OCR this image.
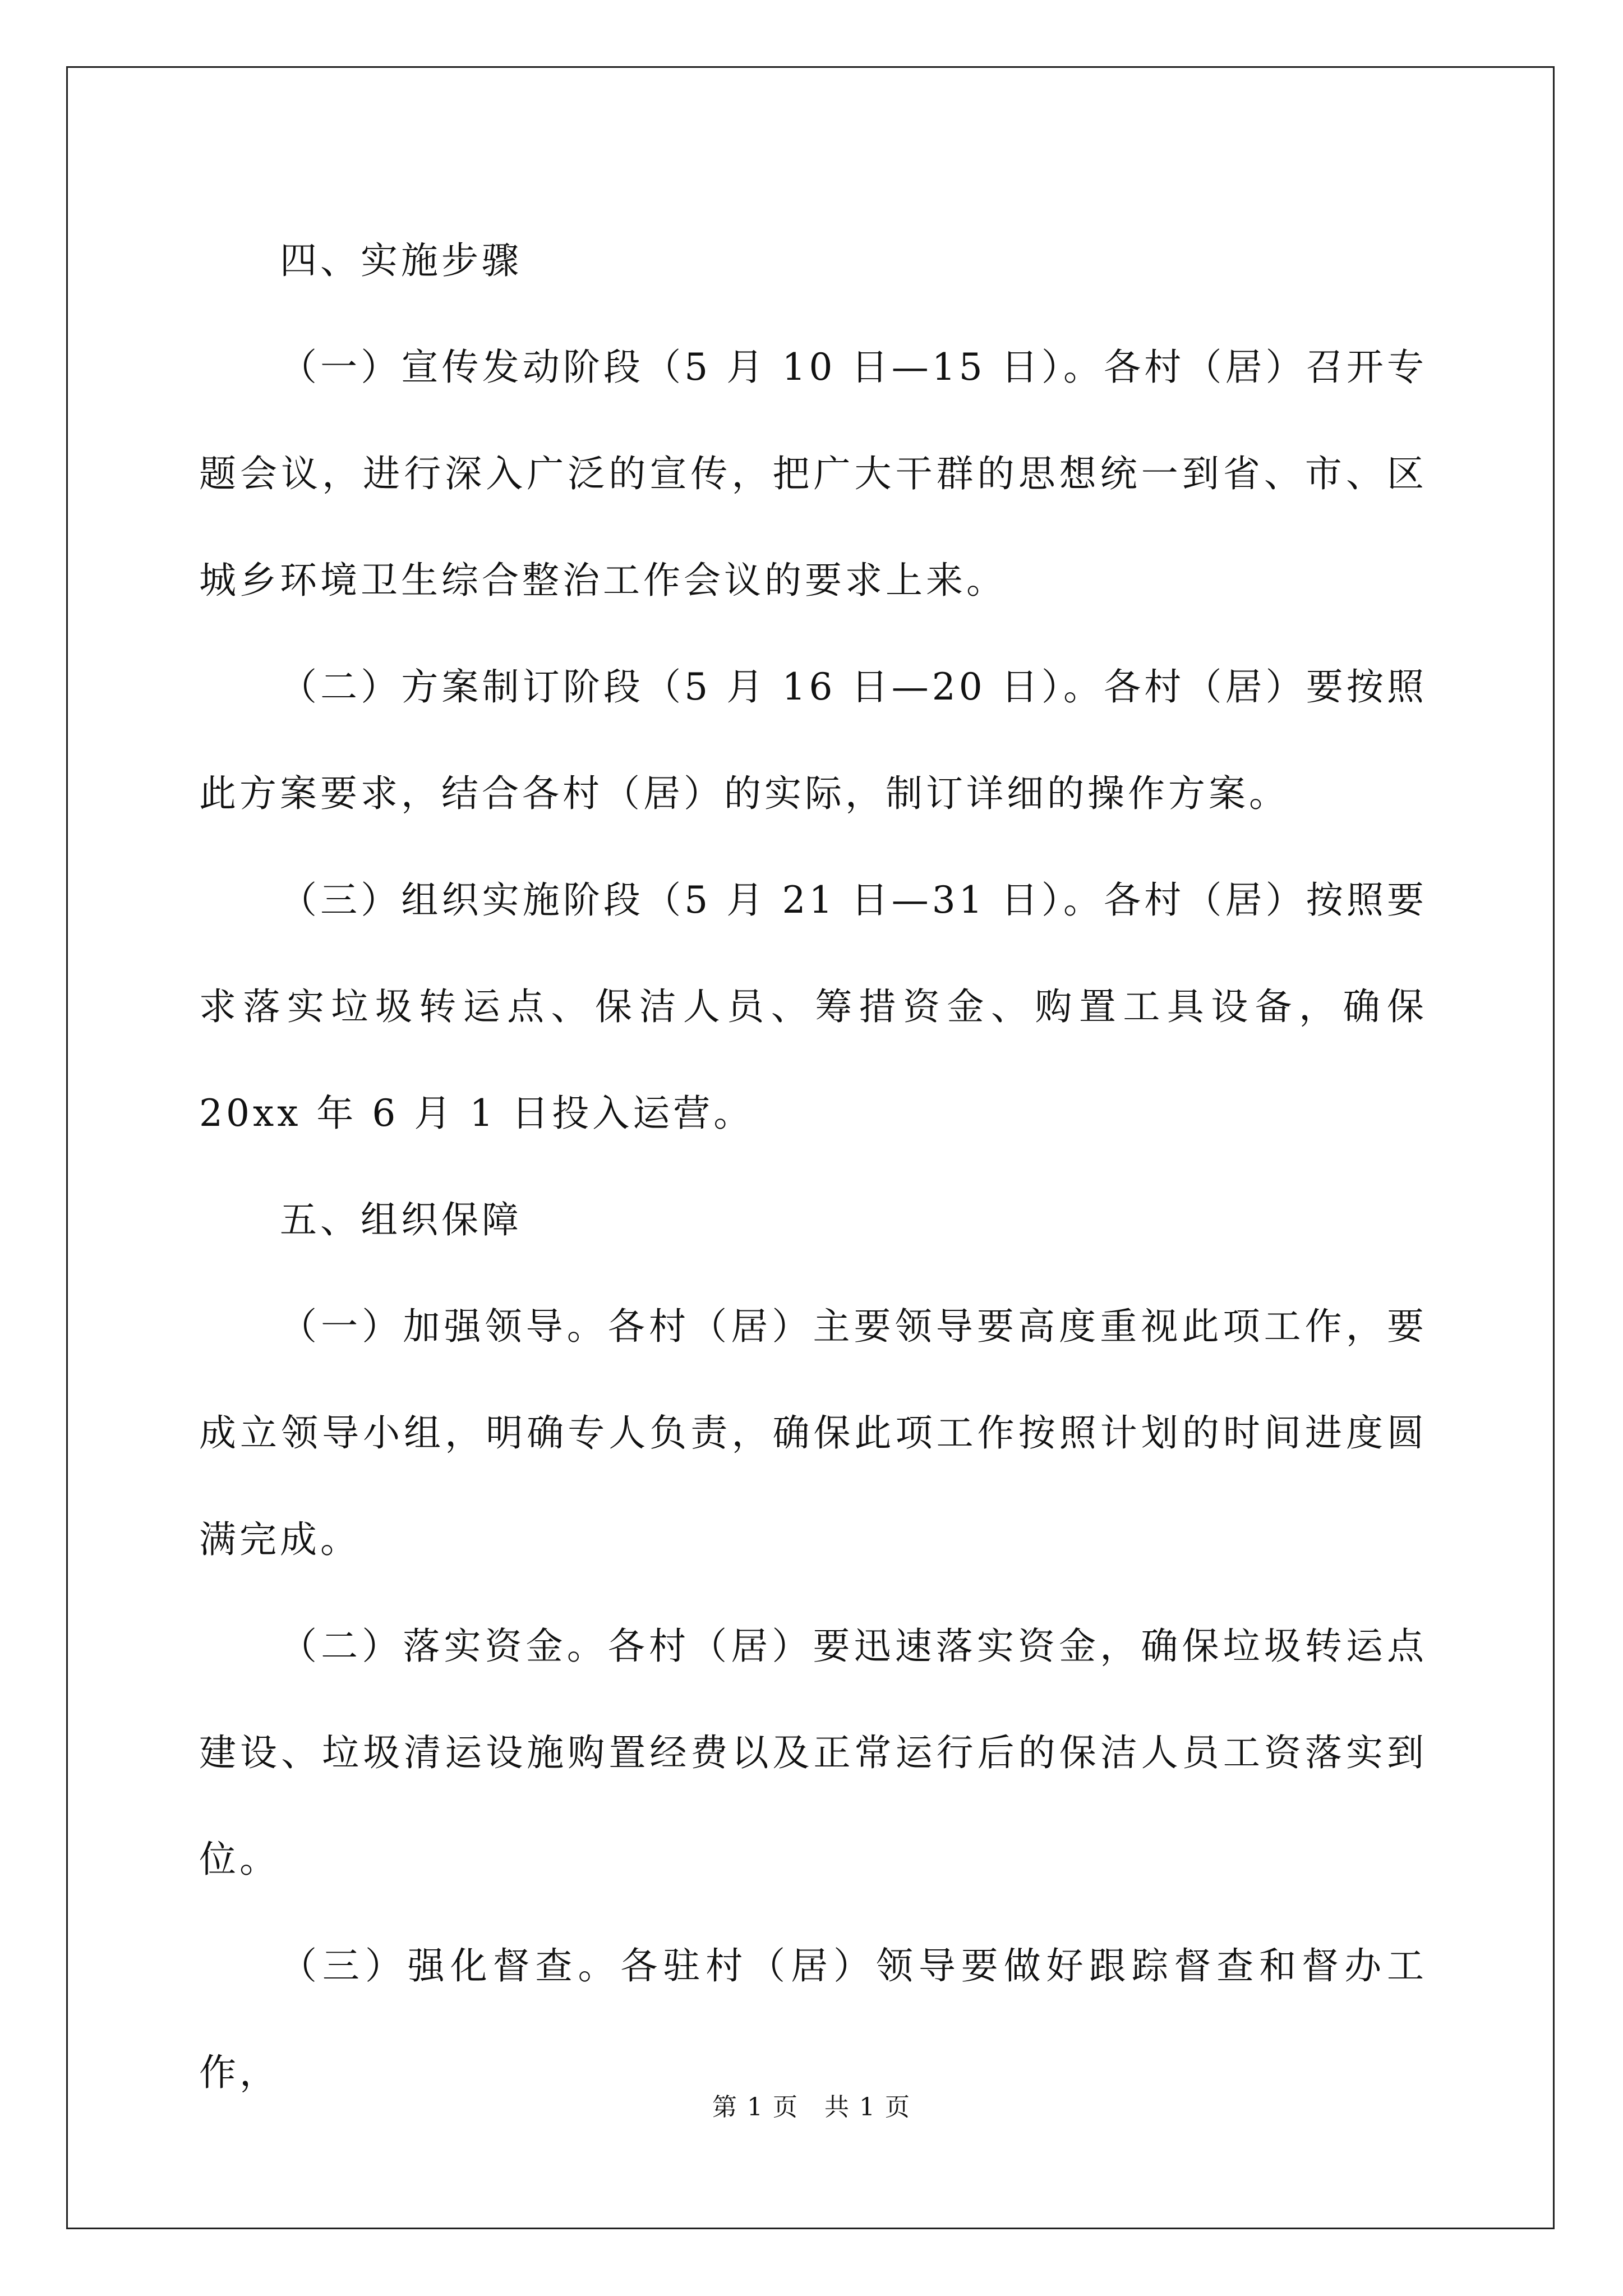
四、实施步骤

（一）宣传发动阶段（5 月 10 日—15 日）。各村（居）召开专题会议，进行深入广泛的宣传，把广大干群的思想统一到省、市、区城乡环境卫生综合整治工作会议的要求上来。

（二）方案制订阶段（5 月 16 日—20 日）。各村（居）要按照此方案要求，结合各村（居）的实际，制订详细的操作方案。

（三）组织实施阶段（5 月 21 日—31 日）。各村（居）按照要求落实垃圾转运点、保洁人员、筹措资金、购置工具设备，确保 20xx 年 6 月 1 日投入运营。

五、组织保障

（一）加强领导。各村（居）主要领导要高度重视此项工作，要成立领导小组，明确专人负责，确保此项工作按照计划的时间进度圆满完成。

（二）落实资金。各村（居）要迅速落实资金，确保垃圾转运点建设、垃圾清运设施购置经费以及正常运行后的保洁人员工资落实到位。

（三）强化督查。各驻村（居）领导要做好跟踪督查和督办工作，

第 1 页　共 1 页
